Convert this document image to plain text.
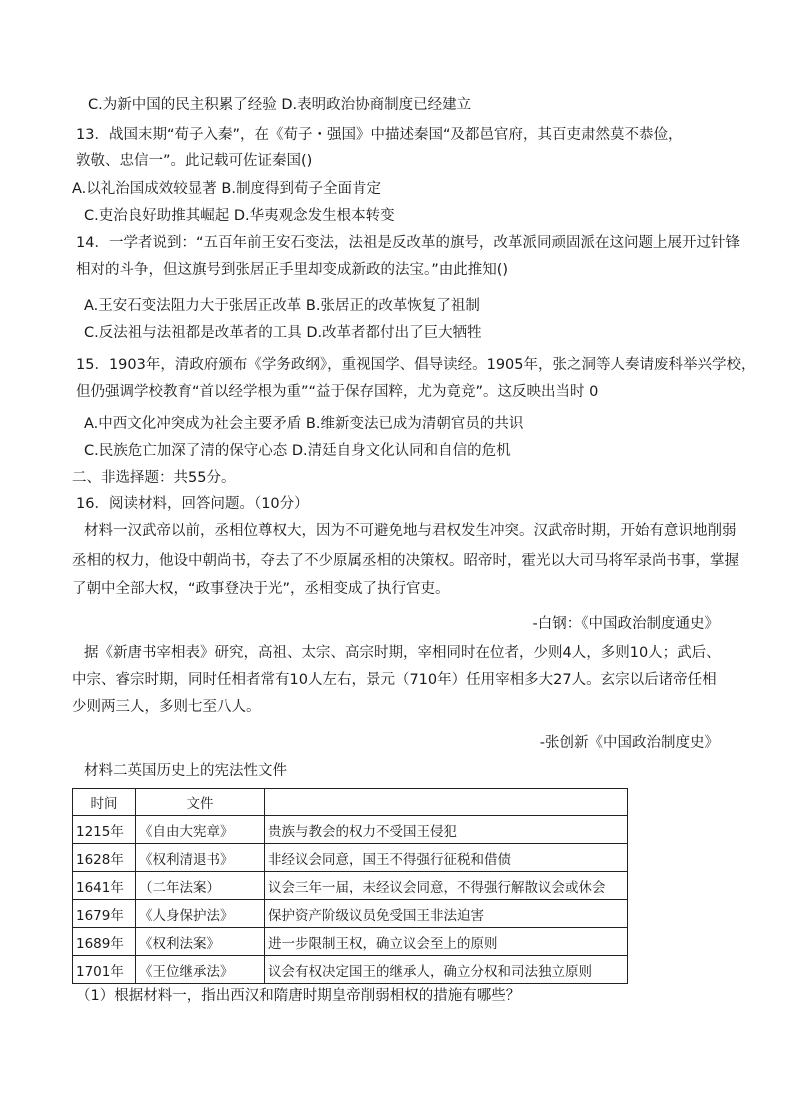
C.为新中国的民主积累了经验 D.表明政治协商制度已经建立
13．战国末期“荀子入秦”，在《荀子・强国》中描述秦国“及都邑官府，其百吏肃然莫不恭俭，
敦敬、忠信一”。此记载可佐证秦国()
A.以礼治国成效较显著 B.制度得到荀子全面肯定
C.吏治良好助推其崛起 D.华夷观念发生根本转变
14．一学者说到：“五百年前王安石变法，法祖是反改革的旗号，改革派同顽固派在这问题上展开过针锋
相对的斗争，但这旗号到张居正手里却变成新政的法宝。”由此推知()
A.王安石变法阻力大于张居正改革 B.张居正的改革恢复了祖制
C.反法祖与法祖都是改革者的工具 D.改革者都付出了巨大牺牲
15．1903年，清政府颁布《学务政纲》，重视国学、倡导读经。1905年，张之洞等人奏请废科举兴学校，
但仍强调学校教育“首以经学根为重”“益于保存国粹，尤为竟竞”。这反映出当时 0
A.中西文化冲突成为社会主要矛盾 B.维新变法已成为清朝官员的共识
C.民族危亡加深了清的保守心态 D.清廷自身文化认同和自信的危机
二、非选择题：共55分。
16．阅读材料，回答问题。（10分）
材料一汉武帝以前，丞相位尊权大，因为不可避免地与君权发生冲突。汉武帝时期，开始有意识地削弱
丞相的权力，他设中朝尚书，夺去了不少原属丞相的决策权。昭帝时，霍光以大司马将军录尚书事，掌握
了朝中全部大权，“政事登决于光”，丞相变成了执行官吏。
-白钢：《中国政治制度通史》
据《新唐书宰相表》研究，高祖、太宗、高宗时期，宰相同时在位者，少则4人，多则10人；武后、
中宗、睿宗时期，同时任相者常有10人左右，景元（710年）任用宰相多大27人。玄宗以后诸帝任相
少则两三人，多则七至八人。
-张创新《中国政治制度史》
材料二英国历史上的宪法性文件
时间	文件	
1215年	《自由大宪章》	贵族与教会的权力不受国王侵犯
1628年	《权利清退书》	非经议会同意，国王不得强行征税和借债
1641年	（二年法案）	议会三年一届，未经议会同意，不得强行解散议会或休会
1679年	《人身保护法》	保护资产阶级议员免受国王非法迫害
1689年	《权利法案》	进一步限制王权，确立议会至上的原则
1701年	《王位继承法》	议会有权决定国王的继承人，确立分权和司法独立原则
（1）根据材料一，指出西汉和隋唐时期皇帝削弱相权的措施有哪些？
